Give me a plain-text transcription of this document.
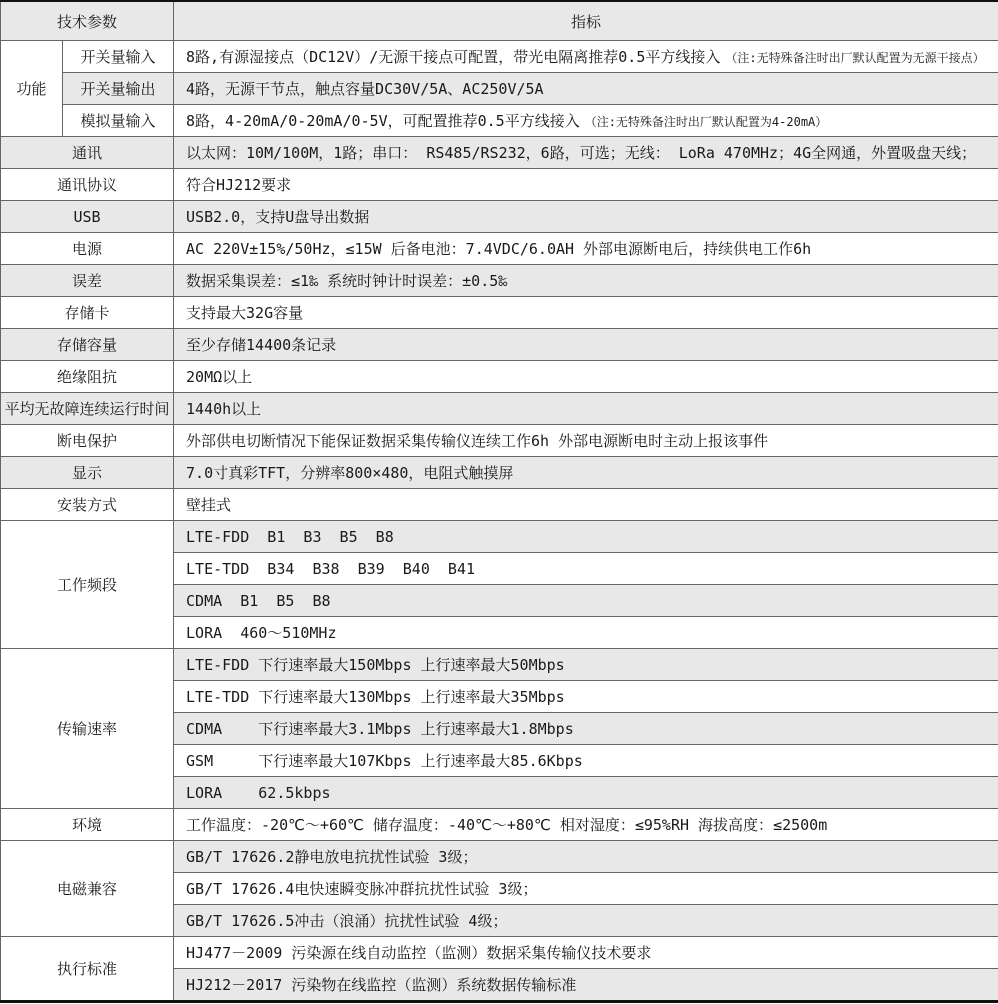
技术参数		指标
功能	开关量输入	8路,有源湿接点（DC12V）/无源干接点可配置，带光电隔离推荐0.5平方线接入 （注:无特殊备注时出厂默认配置为无源干接点）
	开关量输出	4路，无源干节点，触点容量DC30V/5A、AC250V/5A
	模拟量输入	8路，4-20mA/0-20mA/0-5V，可配置推荐0.5平方线接入 （注:无特殊备注时出厂默认配置为4-20mA）
通讯		以太网：10M/100M，1路；串口： RS485/RS232，6路，可选；无线： LoRa 470MHz；4G全网通，外置吸盘天线；
通讯协议		符合HJ212要求
USB		USB2.0，支持U盘导出数据
电源		AC 220V±15%/50Hz，≤15W 后备电池：7.4VDC/6.0AH 外部电源断电后，持续供电工作6h
误差		数据采集误差：≤1‰ 系统时钟计时误差：±0.5‰
存储卡		支持最大32G容量
存储容量		至少存储14400条记录
绝缘阻抗		20MΩ以上
平均无故障连续运行时间		1440h以上
断电保护		外部供电切断情况下能保证数据采集传输仪连续工作6h 外部电源断电时主动上报该事件
显示		7.0寸真彩TFT，分辨率800×480，电阻式触摸屏
安装方式		壁挂式
工作频段		LTE-FDD  B1  B3  B5  B8
		LTE-TDD  B34  B38  B39  B40  B41
		CDMA  B1  B5  B8
		LORA  460～510MHz
传输速率		LTE-FDD 下行速率最大150Mbps 上行速率最大50Mbps
		LTE-TDD 下行速率最大130Mbps 上行速率最大35Mbps
		CDMA    下行速率最大3.1Mbps 上行速率最大1.8Mbps
		GSM     下行速率最大107Kbps 上行速率最大85.6Kbps
		LORA    62.5kbps
环境		工作温度：-20℃～+60℃ 储存温度：-40℃～+80℃ 相对湿度：≤95%RH 海拔高度：≤2500m
电磁兼容		GB/T 17626.2静电放电抗扰性试验 3级；
		GB/T 17626.4电快速瞬变脉冲群抗扰性试验 3级；
		GB/T 17626.5冲击（浪涌）抗扰性试验 4级；
执行标准		HJ477－2009 污染源在线自动监控（监测）数据采集传输仪技术要求
		HJ212－2017 污染物在线监控（监测）系统数据传输标准
